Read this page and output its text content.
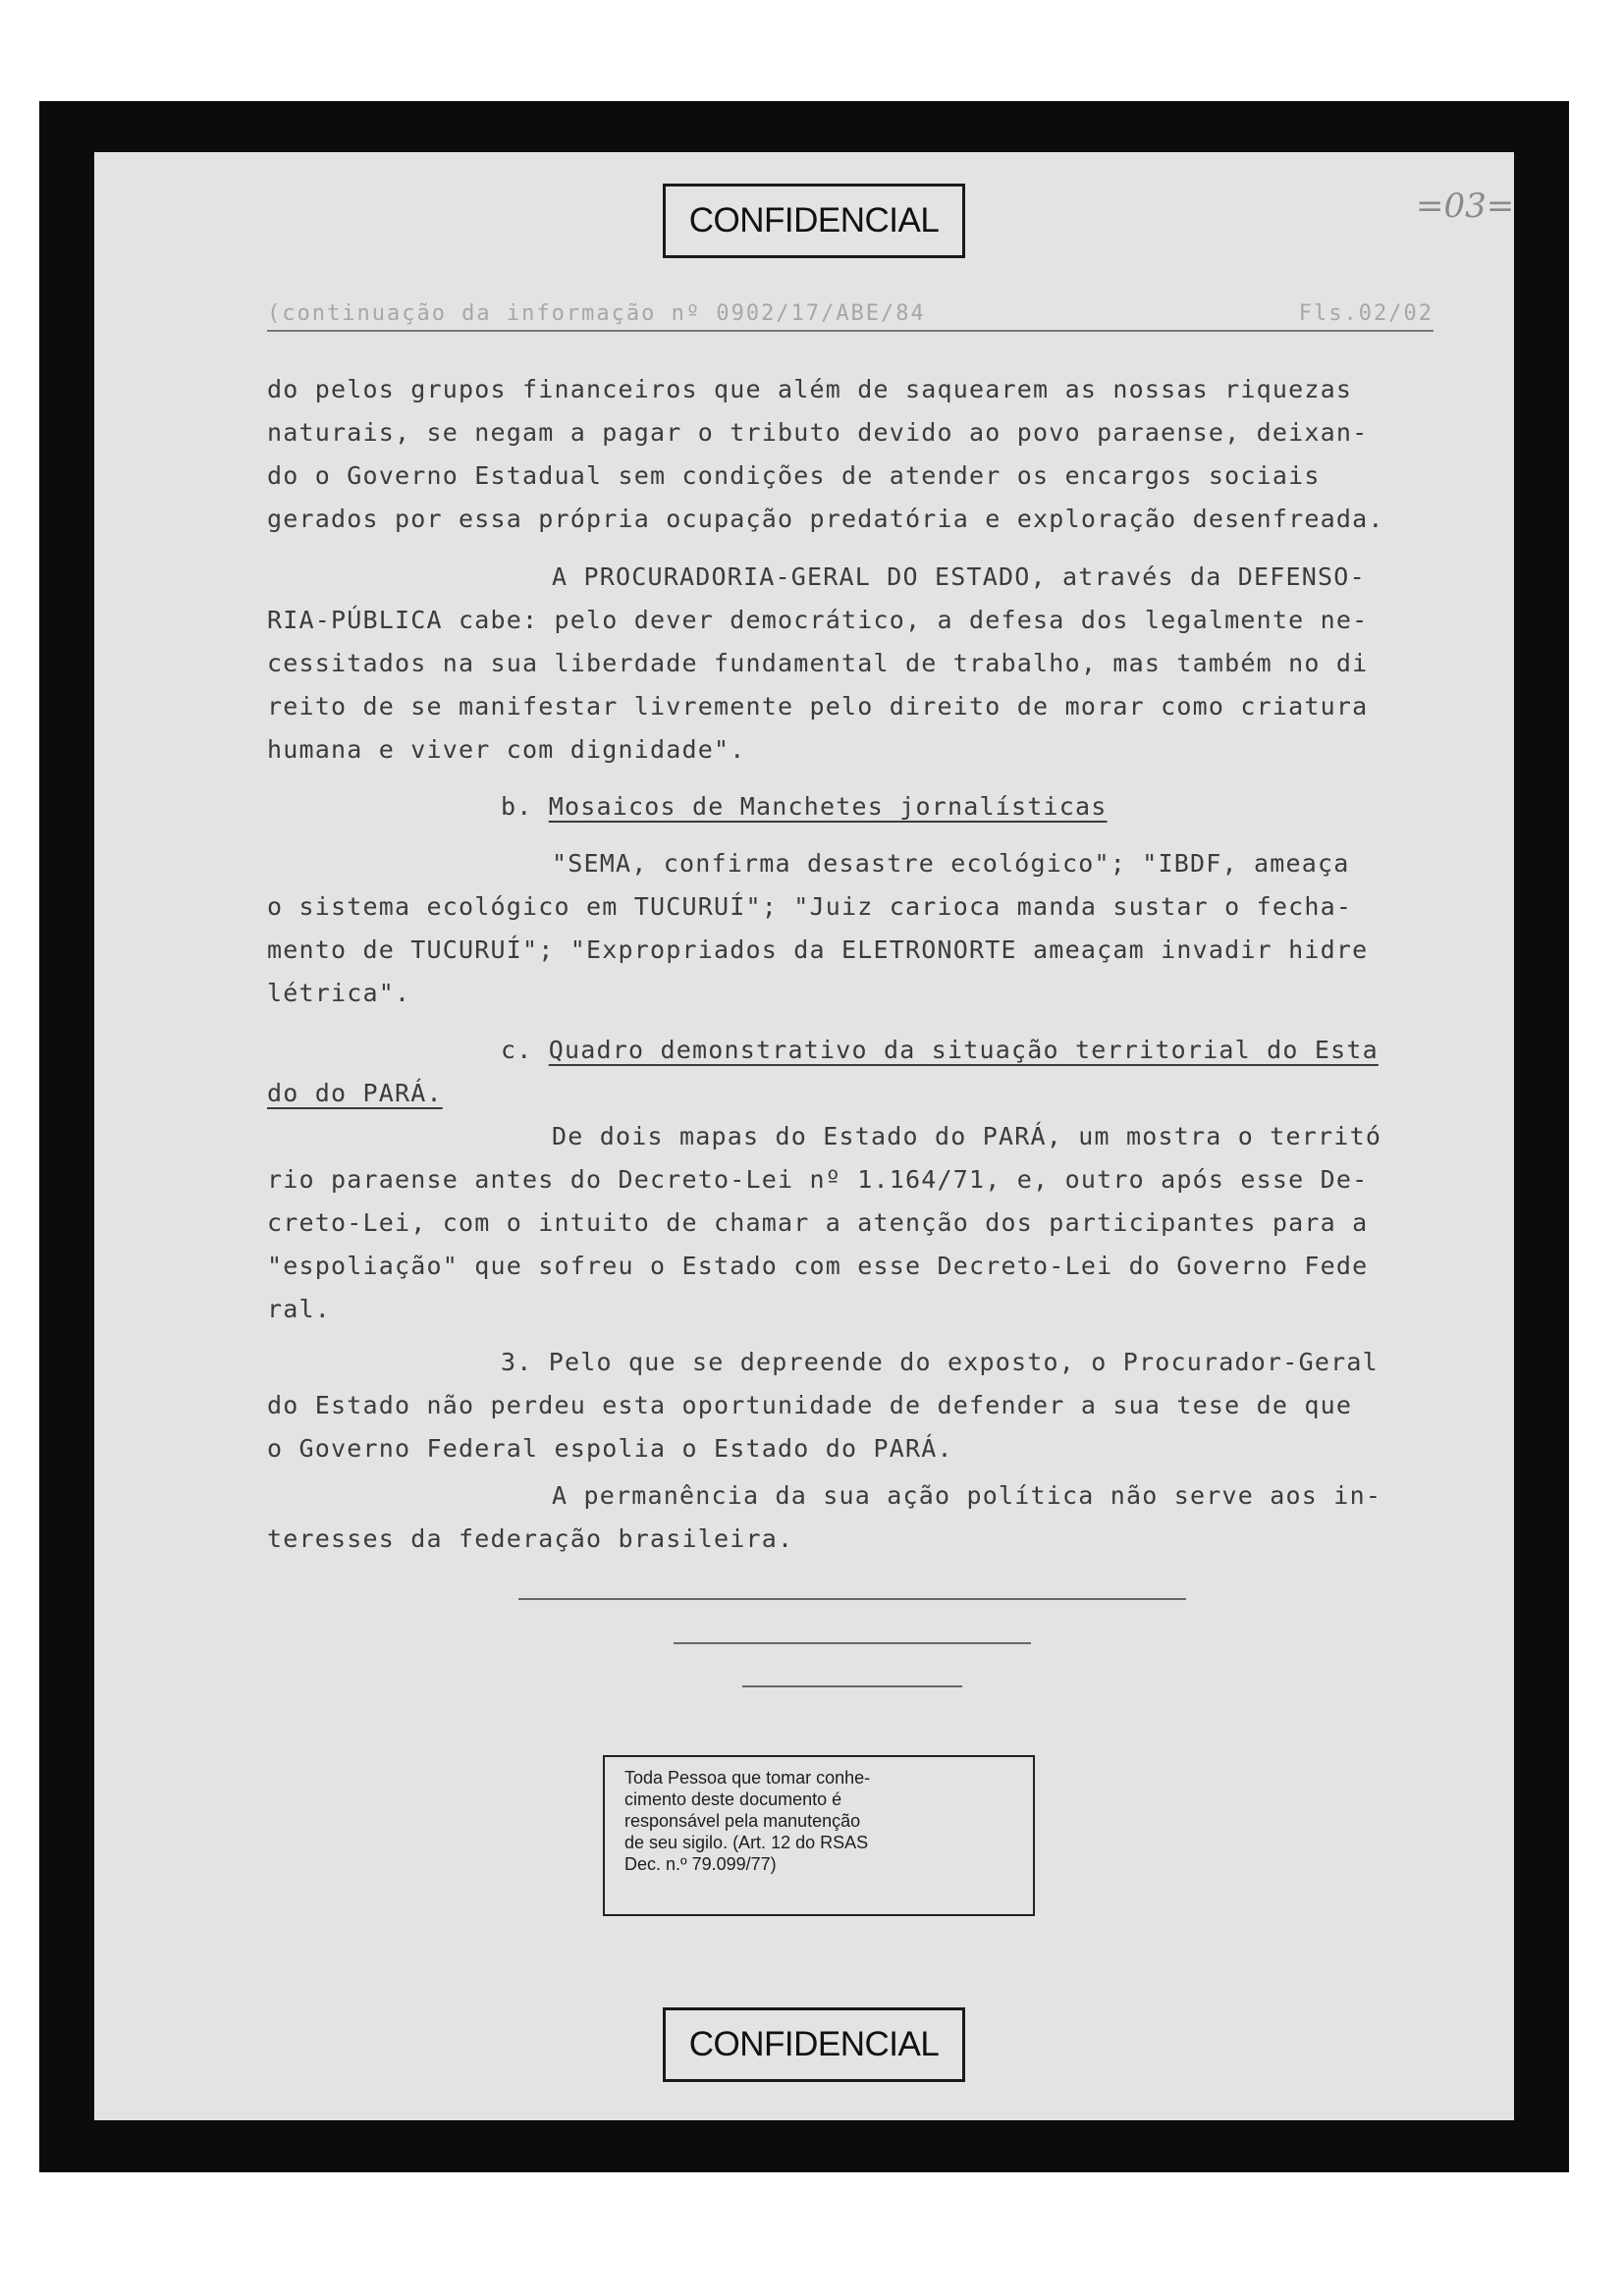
CONFIDENCIAL	=03=
(continuação da informação nº 0902/17/ABE/84	Fls.02/02
do pelos grupos financeiros que além de saquearem as nossas riquezas
naturais, se negam a pagar o tributo devido ao povo paraense, deixan-
do o Governo Estadual sem condições de atender os encargos sociais
gerados por essa própria ocupação predatória e exploração desenfreada.
A PROCURADORIA-GERAL DO ESTADO, através da DEFENSO-
RIA-PÚBLICA cabe: pelo dever democrático, a defesa dos legalmente ne-
cessitados na sua liberdade fundamental de trabalho, mas também no di
reito de se manifestar livremente pelo direito de morar como criatura
humana e viver com dignidade".
b. Mosaicos de Manchetes jornalísticas
"SEMA, confirma desastre ecológico"; "IBDF, ameaça
o sistema ecológico em TUCURUÍ"; "Juiz carioca manda sustar o fecha-
mento de TUCURUÍ"; "Expropriados da ELETRONORTE ameaçam invadir hidre
létrica".
c. Quadro demonstrativo da situação territorial do Esta
do do PARÁ.
De dois mapas do Estado do PARÁ, um mostra o territó
rio paraense antes do Decreto-Lei nº 1.164/71, e, outro após esse De-
creto-Lei, com o intuito de chamar a atenção dos participantes para a
"espoliação" que sofreu o Estado com esse Decreto-Lei do Governo Fede
ral.
3. Pelo que se depreende do exposto, o Procurador-Geral
do Estado não perdeu esta oportunidade de defender a sua tese de que
o Governo Federal espolia o Estado do PARÁ.
A permanência da sua ação política não serve aos in-
teresses da federação brasileira.
Toda Pessoa que tomar conhe-
cimento deste documento é
responsável pela manutenção
de seu sigilo. (Art. 12 do RSAS
Dec. n.º 79.099/77)
CONFIDENCIAL
